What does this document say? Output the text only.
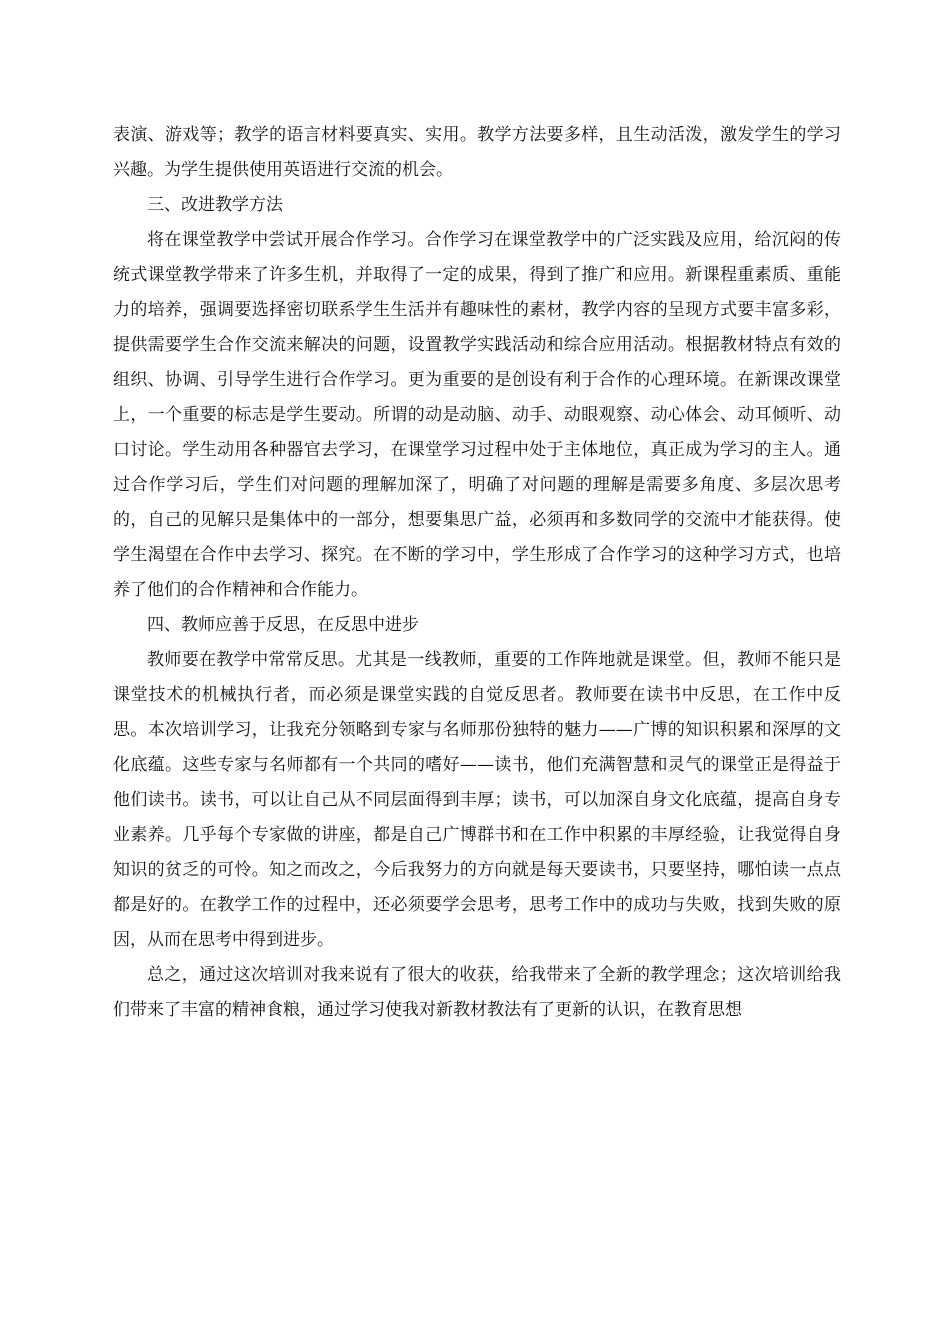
表演、游戏等；教学的语言材料要真实、实用。教学方法要多样，且生动活泼，激发学生的学习兴趣。为学生提供使用英语进行交流的机会。

三、改进教学方法

将在课堂教学中尝试开展合作学习。合作学习在课堂教学中的广泛实践及应用，给沉闷的传统式课堂教学带来了许多生机，并取得了一定的成果，得到了推广和应用。新课程重素质、重能力的培养，强调要选择密切联系学生生活并有趣味性的素材，教学内容的呈现方式要丰富多彩，提供需要学生合作交流来解决的问题，设置教学实践活动和综合应用活动。根据教材特点有效的组织、协调、引导学生进行合作学习。更为重要的是创设有利于合作的心理环境。在新课改课堂上，一个重要的标志是学生要动。所谓的动是动脑、动手、动眼观察、动心体会、动耳倾听、动口讨论。学生动用各种器官去学习，在课堂学习过程中处于主体地位，真正成为学习的主人。通过合作学习后，学生们对问题的理解加深了，明确了对问题的理解是需要多角度、多层次思考的，自己的见解只是集体中的一部分，想要集思广益，必须再和多数同学的交流中才能获得。使学生渴望在合作中去学习、探究。在不断的学习中，学生形成了合作学习的这种学习方式，也培养了他们的合作精神和合作能力。

四、教师应善于反思，在反思中进步

教师要在教学中常常反思。尤其是一线教师，重要的工作阵地就是课堂。但，教师不能只是课堂技术的机械执行者，而必须是课堂实践的自觉反思者。教师要在读书中反思，在工作中反思。本次培训学习，让我充分领略到专家与名师那份独特的魅力——广博的知识积累和深厚的文化底蕴。这些专家与名师都有一个共同的嗜好——读书，他们充满智慧和灵气的课堂正是得益于他们读书。读书，可以让自己从不同层面得到丰厚；读书，可以加深自身文化底蕴，提高自身专业素养。几乎每个专家做的讲座，都是自己广博群书和在工作中积累的丰厚经验，让我觉得自身知识的贫乏的可怜。知之而改之，今后我努力的方向就是每天要读书，只要坚持，哪怕读一点点都是好的。在教学工作的过程中，还必须要学会思考，思考工作中的成功与失败，找到失败的原因，从而在思考中得到进步。

总之，通过这次培训对我来说有了很大的收获，给我带来了全新的教学理念；这次培训给我们带来了丰富的精神食粮，通过学习使我对新教材教法有了更新的认识，在教育思想
